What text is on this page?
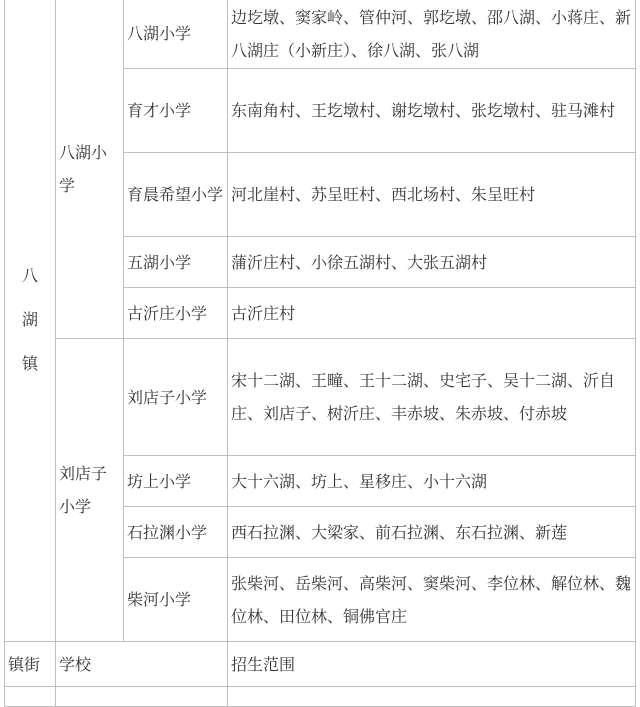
八湖镇	八湖小学	八湖小学	边圪墩、窦家岭、管仲河、郭圪墩、邵八湖、小蒋庄、新八湖庄（小新庄）、徐八湖、张八湖
		育才小学	东南角村、王圪墩村、谢圪墩村、张圪墩村、驻马滩村
		育晨希望小学	河北崖村、苏呈旺村、西北场村、朱呈旺村
		五湖小学	蒲沂庄村、小徐五湖村、大张五湖村
		古沂庄小学	古沂庄村
	刘店子小学	刘店子小学	宋十二湖、王疃、王十二湖、史宅子、吴十二湖、沂自庄、刘店子、树沂庄、丰赤坡、朱赤坡、付赤坡
		坊上小学	大十六湖、坊上、星移庄、小十六湖
		石拉渊小学	西石拉渊、大梁家、前石拉渊、东石拉渊、新莲
		柴河小学	张柴河、岳柴河、高柴河、窦柴河、李位林、解位林、魏位林、田位林、铜佛官庄
镇街	学校		招生范围
